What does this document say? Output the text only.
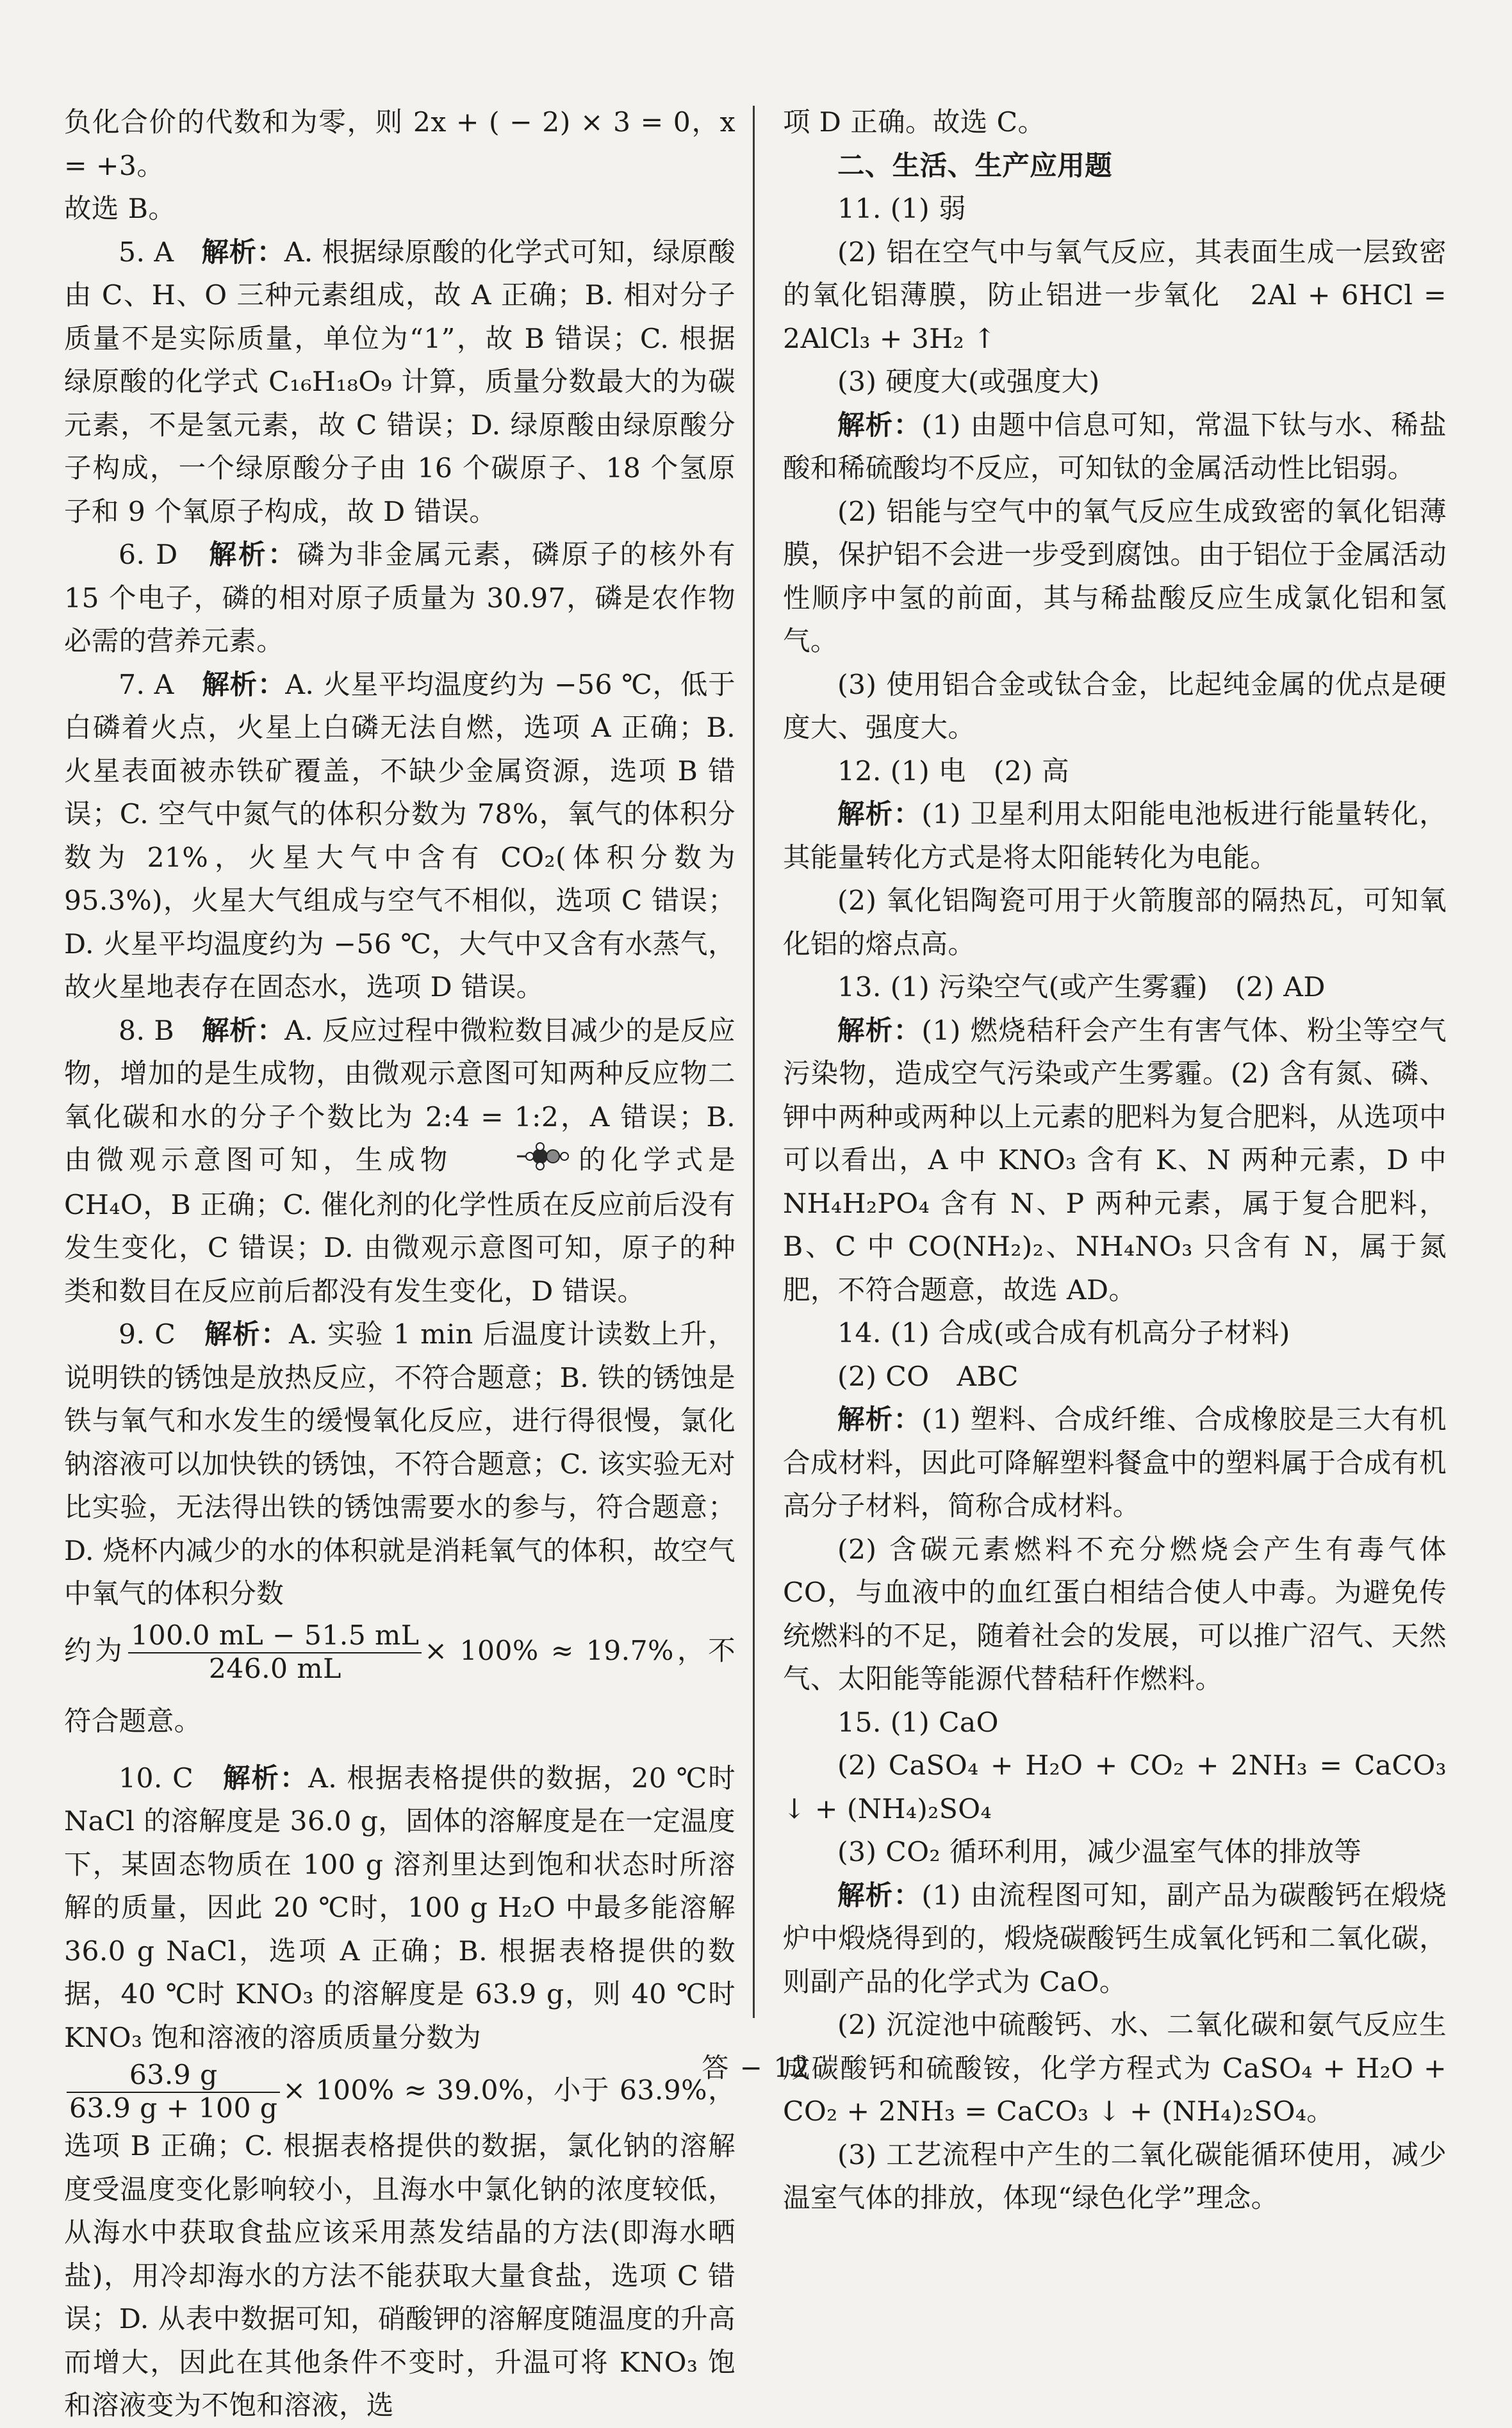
负化合价的代数和为零，则 2x + ( − 2) × 3 = 0，x = +3。

故选 B。

5. A　 解析：A. 根据绿原酸的化学式可知，绿原酸由 C、H、O 三种元素组成，故 A 正确；B. 相对分子质量不是实际质量，单位为“1”，故 B 错误；C. 根据绿原酸的化学式 C₁₆H₁₈O₉ 计算，质量分数最大的为碳元素，不是氢元素，故 C 错误；D. 绿原酸由绿原酸分子构成，一个绿原酸分子由 16 个碳原子、18 个氢原子和 9 个氧原子构成，故 D 错误。

6. D　 解析：磷为非金属元素，磷原子的核外有 15 个电子，磷的相对原子质量为 30.97，磷是农作物必需的营养元素。

7. A　 解析：A. 火星平均温度约为 −56 ℃，低于白磷着火点，火星上白磷无法自燃，选项 A 正确；B. 火星表面被赤铁矿覆盖，不缺少金属资源，选项 B 错误；C. 空气中氮气的体积分数为 78%，氧气的体积分数为 21%，火星大气中含有 CO₂(体积分数为 95.3%)，火星大气组成与空气不相似，选项 C 错误；D. 火星平均温度约为 −56 ℃，大气中又含有水蒸气，故火星地表存在固态水，选项 D 错误。

8. B　 解析：A. 反应过程中微粒数目减少的是反应物，增加的是生成物，由微观示意图可知两种反应物二氧化碳和水的分子个数比为 2:4 = 1:2，A 错误；B. 由微观示意图可知，生成物	的化学式是 CH₄O，B 正确；C. 催化剂的化学性质在反应前后没有发生变化，C 错误；D. 由微观示意图可知，原子的种类和数目在反应前后都没有发生变化，D 错误。

9. C　 解析：A. 实验 1 min 后温度计读数上升，说明铁的锈蚀是放热反应，不符合题意；B. 铁的锈蚀是铁与氧气和水发生的缓慢氧化反应，进行得很慢，氯化钠溶液可以加快铁的锈蚀，不符合题意；C. 该实验无对比实验，无法得出铁的锈蚀需要水的参与，符合题意；D. 烧杯内减少的水的体积就是消耗氧气的体积，故空气中氧气的体积分数

约为 $\frac{100.0 mL - 51.5 mL}{246.0 mL} \times 100\% \approx 19.7\%$，不符合题意。

10. C　 解析：A. 根据表格提供的数据，20 ℃时 NaCl 的溶解度是 36.0 g，固体的溶解度是在一定温度下，某固态物质在 100 g 溶剂里达到饱和状态时所溶解的质量，因此 20 ℃时，100 g H₂O 中最多能溶解 36.0 g NaCl，选项 A 正确；B. 根据表格提供的数据，40 ℃时 KNO₃ 的溶解度是 63.9 g，则 40 ℃时 KNO₃ 饱和溶液的溶质质量分数为

$\frac{63.9 g}{63.9 g + 100 g} \times 100\% \approx 39.0\%$，小于 63.9%，选项 B 正确；C. 根据表格提供的数据，氯化钠的溶解度受温度变化影响较小，且海水中氯化钠的浓度较低，从海水中获取食盐应该采用蒸发结晶的方法(即海水晒盐)，用冷却海水的方法不能获取大量食盐，选项 C 错误；D. 从表中数据可知，硝酸钾的溶解度随温度的升高而增大，因此在其他条件不变时，升温可将 KNO₃ 饱和溶液变为不饱和溶液，选

项 D 正确。故选 C。

二、生活、生产应用题

11. (1) 弱

(2) 铝在空气中与氧气反应，其表面生成一层致密的氧化铝薄膜，防止铝进一步氧化　2Al + 6HCl = 2AlCl₃ + 3H₂ ↑

(3) 硬度大(或强度大)

解析：(1) 由题中信息可知，常温下钛与水、稀盐酸和稀硫酸均不反应，可知钛的金属活动性比铝弱。

(2) 铝能与空气中的氧气反应生成致密的氧化铝薄膜，保护铝不会进一步受到腐蚀。由于铝位于金属活动性顺序中氢的前面，其与稀盐酸反应生成氯化铝和氢气。

(3) 使用铝合金或钛合金，比起纯金属的优点是硬度大、强度大。

12. (1) 电　(2) 高

解析：(1) 卫星利用太阳能电池板进行能量转化，其能量转化方式是将太阳能转化为电能。

(2) 氧化铝陶瓷可用于火箭腹部的隔热瓦，可知氧化铝的熔点高。

13. (1) 污染空气(或产生雾霾)　(2) AD

解析：(1) 燃烧秸秆会产生有害气体、粉尘等空气污染物，造成空气污染或产生雾霾。(2) 含有氮、磷、钾中两种或两种以上元素的肥料为复合肥料，从选项中可以看出，A 中 KNO₃ 含有 K、N 两种元素，D 中 NH₄H₂PO₄ 含有 N、P 两种元素，属于复合肥料，B、C 中 CO(NH₂)₂、NH₄NO₃ 只含有 N，属于氮肥，不符合题意，故选 AD。

14. (1) 合成(或合成有机高分子材料)

(2) CO　ABC

解析：(1) 塑料、合成纤维、合成橡胶是三大有机合成材料，因此可降解塑料餐盒中的塑料属于合成有机高分子材料，简称合成材料。

(2) 含碳元素燃料不充分燃烧会产生有毒气体 CO，与血液中的血红蛋白相结合使人中毒。为避免传统燃料的不足，随着社会的发展，可以推广沼气、天然气、太阳能等能源代替秸秆作燃料。

15. (1) CaO

(2) CaSO₄ + H₂O + CO₂ + 2NH₃ = CaCO₃ ↓ + (NH₄)₂SO₄

(3) CO₂ 循环利用，减少温室气体的排放等

解析：(1) 由流程图可知，副产品为碳酸钙在煅烧炉中煅烧得到的，煅烧碳酸钙生成氧化钙和二氧化碳，则副产品的化学式为 CaO。

(2) 沉淀池中硫酸钙、水、二氧化碳和氨气反应生成碳酸钙和硫酸铵，化学方程式为 CaSO₄ + H₂O + CO₂ + 2NH₃ = CaCO₃ ↓ + (NH₄)₂SO₄。

(3) 工艺流程中产生的二氧化碳能循环使用，减少温室气体的排放，体现“绿色化学”理念。

答 − 12
